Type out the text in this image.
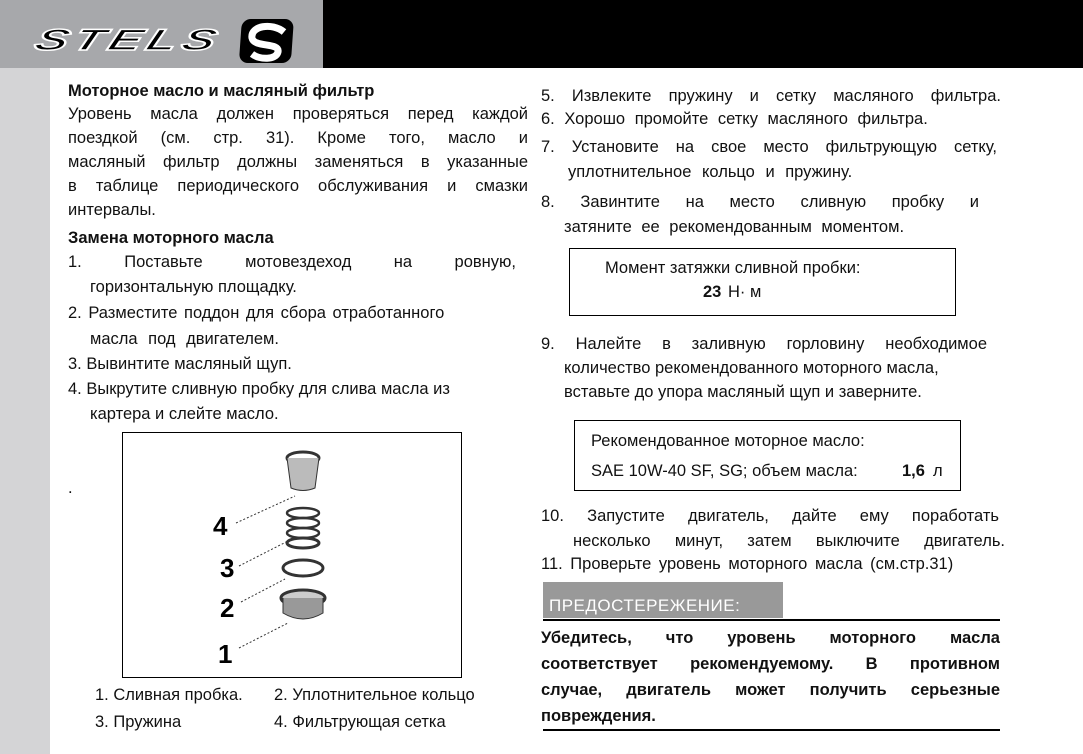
STELS
Моторное масло и масляный фильтр
Уровень масла должен проверяться перед каждой
поездкой (см. стр. 31). Кроме того, масло и
масляный фильтр должны заменяться в указанные
в таблице периодического обслуживания и смазки
интервалы.
Замена моторного масла
1. Поставьте мотовездеход на ровную,
горизонтальную площадку.
2. Разместите поддон для сбора отработанного
масла под двигателем.
3. Вывинтите масляный щуп.
4. Выкрутите сливную пробку для слива масла из
картера и слейте масло.
.
4
3
2
1
1. Сливная пробка. 2. Уплотнительное кольцо
3. Пружина	4. Фильтрующая сетка
5. Извлеките пружину и сетку масляного фильтра.
6. Хорошо промойте сетку масляного фильтра.
7. Установите на свое место фильтрующую сетку,
уплотнительное кольцо и пружину.
8. Завинтите на место сливную пробку и
затяните ее рекомендованным моментом.
Момент затяжки сливной пробки:
23 Н· м
9. Налейте в заливную горловину необходимое
количество рекомендованного моторного масла,
вставьте до упора масляный щуп и заверните.
Рекомендованное моторное масло:
SAE 10W-40 SF, SG; объем масла:	1,6 л
10. Запустите двигатель, дайте ему поработать
несколько минут, затем выключите двигатель.
11. Проверьте уровень моторного масла (см.стр.31)
ПРЕДОСТЕРЕЖЕНИЕ:
Убедитесь, что уровень моторного масла
соответствует рекомендуемому. В противном
случае, двигатель может получить серьезные
повреждения.
